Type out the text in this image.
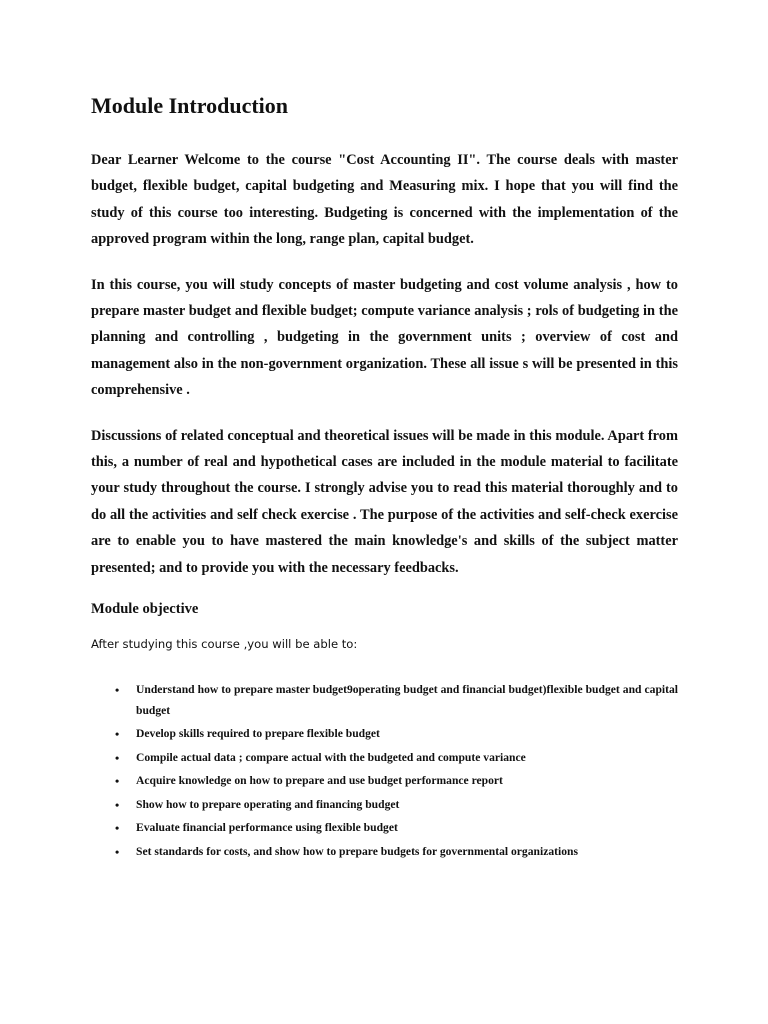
Module Introduction

Dear Learner Welcome to the course "Cost Accounting II". The course deals with master budget, flexible budget, capital budgeting and Measuring mix. I hope that you will find the study of this course too interesting. Budgeting is concerned with the implementation of the approved program within the long, range plan, capital budget.

In this course, you will study concepts of master budgeting and cost volume analysis , how to prepare master budget and flexible budget; compute variance analysis ; rols of budgeting in the planning and controlling , budgeting in the government units ; overview of cost and management also in the non-government organization. These all issue s will be presented in this comprehensive .

Discussions of related conceptual and theoretical issues will be made in this module. Apart from this, a number of real and hypothetical cases are included in the module material to facilitate your study throughout the course. I strongly advise you to read this material thoroughly and to do all the activities and self check exercise . The purpose of the activities and self-check exercise are to enable you to have mastered the main knowledge's and skills of the subject matter presented; and to provide you with the necessary feedbacks.

Module objective

After studying this course ,you will be able to:

•	Understand how to prepare master budget9operating budget and financial budget)flexible budget and capital budget
•	Develop skills required to prepare flexible budget
•	Compile actual data ; compare actual with the budgeted and compute variance
•	Acquire knowledge on how to prepare and use budget performance report
•	Show how to prepare operating and financing budget
•	Evaluate financial performance using flexible budget
•	Set standards for costs, and show how to prepare budgets for governmental organizations
